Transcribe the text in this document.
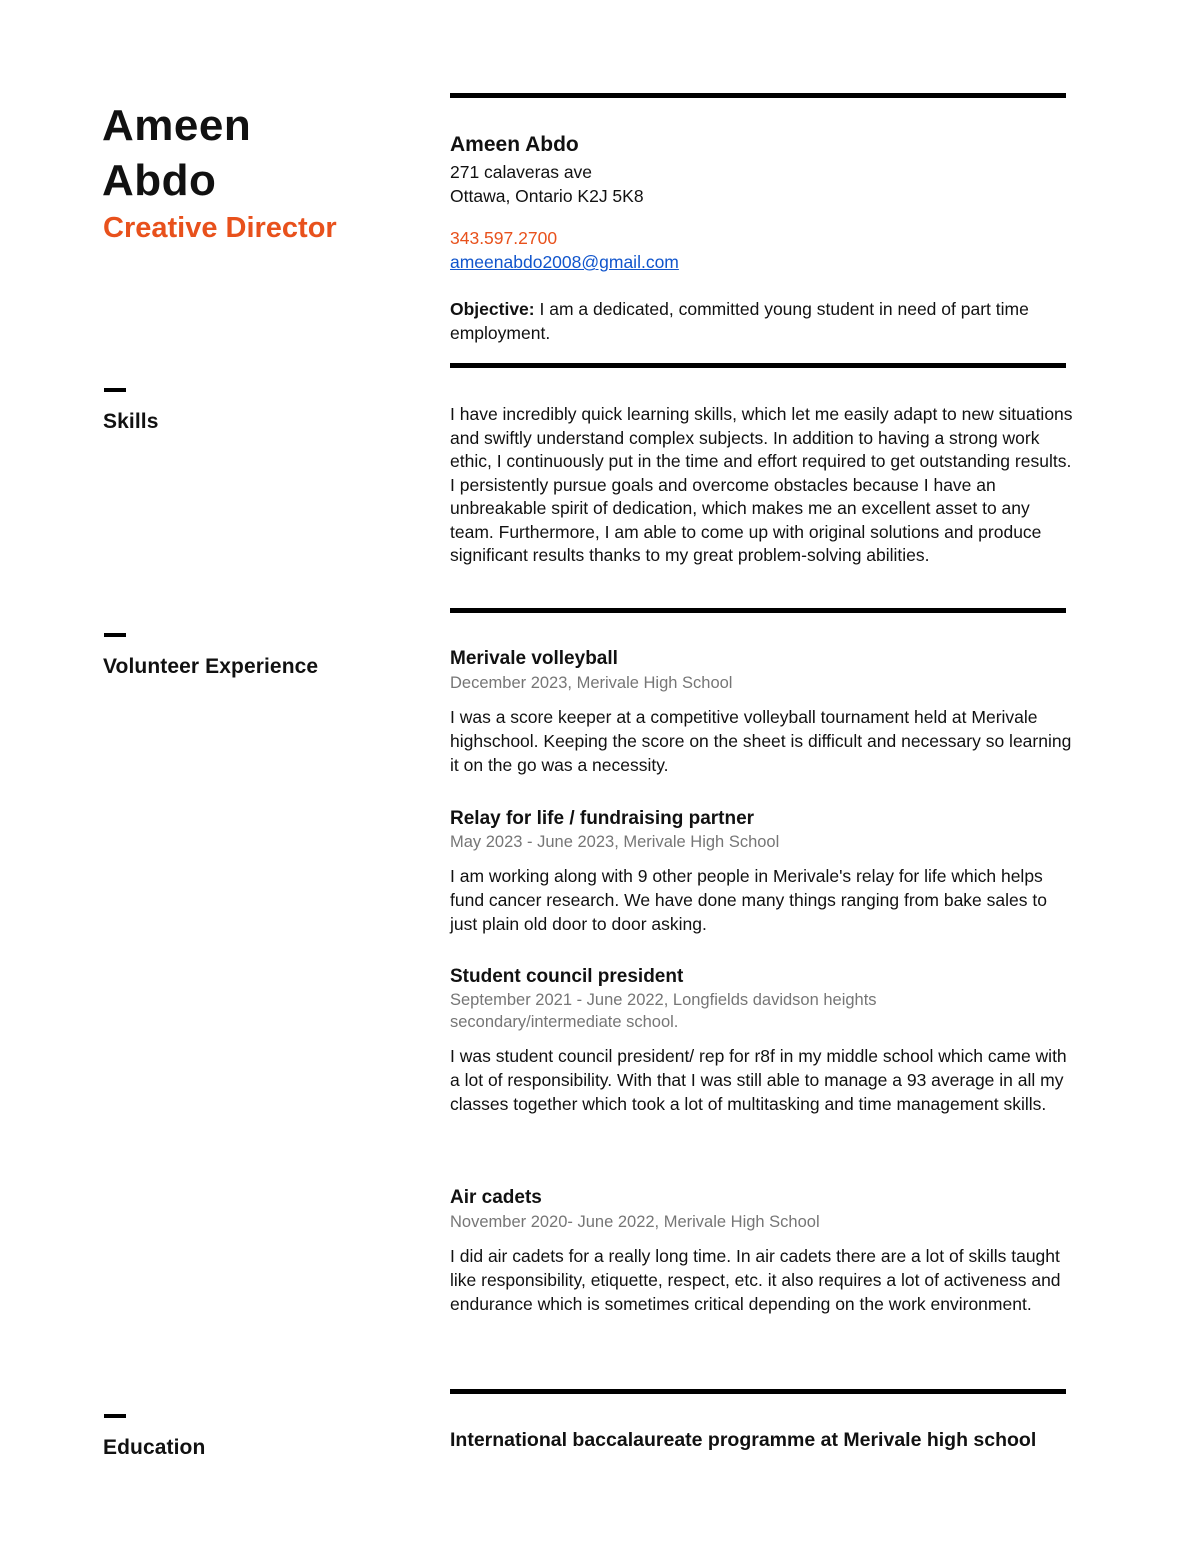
Ameen
Abdo
Creative Director
Ameen Abdo
271 calaveras ave
Ottawa, Ontario K2J 5K8
343.597.2700
ameenabdo2008@gmail.com
Objective: I am a dedicated, committed young student in need of part time employment.
Skills	I have incredibly quick learning skills, which let me easily adapt to new situations and swiftly understand complex subjects. In addition to having a strong work ethic, I continuously put in the time and effort required to get outstanding results. I persistently pursue goals and overcome obstacles because I have an unbreakable spirit of dedication, which makes me an excellent asset to any team. Furthermore, I am able to come up with original solutions and produce significant results thanks to my great problem-solving abilities.
Volunteer Experience	Merivale volleyball
December 2023, Merivale High School
I was a score keeper at a competitive volleyball tournament held at Merivale highschool. Keeping the score on the sheet is difficult and necessary so learning it on the go was a necessity.
Relay for life / fundraising partner
May 2023 - June 2023, Merivale High School
I am working along with 9 other people in Merivale's relay for life which helps fund cancer research. We have done many things ranging from bake sales to just plain old door to door asking.
Student council president
September 2021 - June 2022, Longfields davidson heights secondary/intermediate school.
I was student council president/ rep for r8f in my middle school which came with a lot of responsibility. With that I was still able to manage a 93 average in all my classes together which took a lot of multitasking and time management skills.
Air cadets
November 2020- June 2022, Merivale High School
I did air cadets for a really long time. In air cadets there are a lot of skills taught like responsibility, etiquette, respect, etc. it also requires a lot of activeness and endurance which is sometimes critical depending on the work environment.
Education	International baccalaureate programme at Merivale high school
